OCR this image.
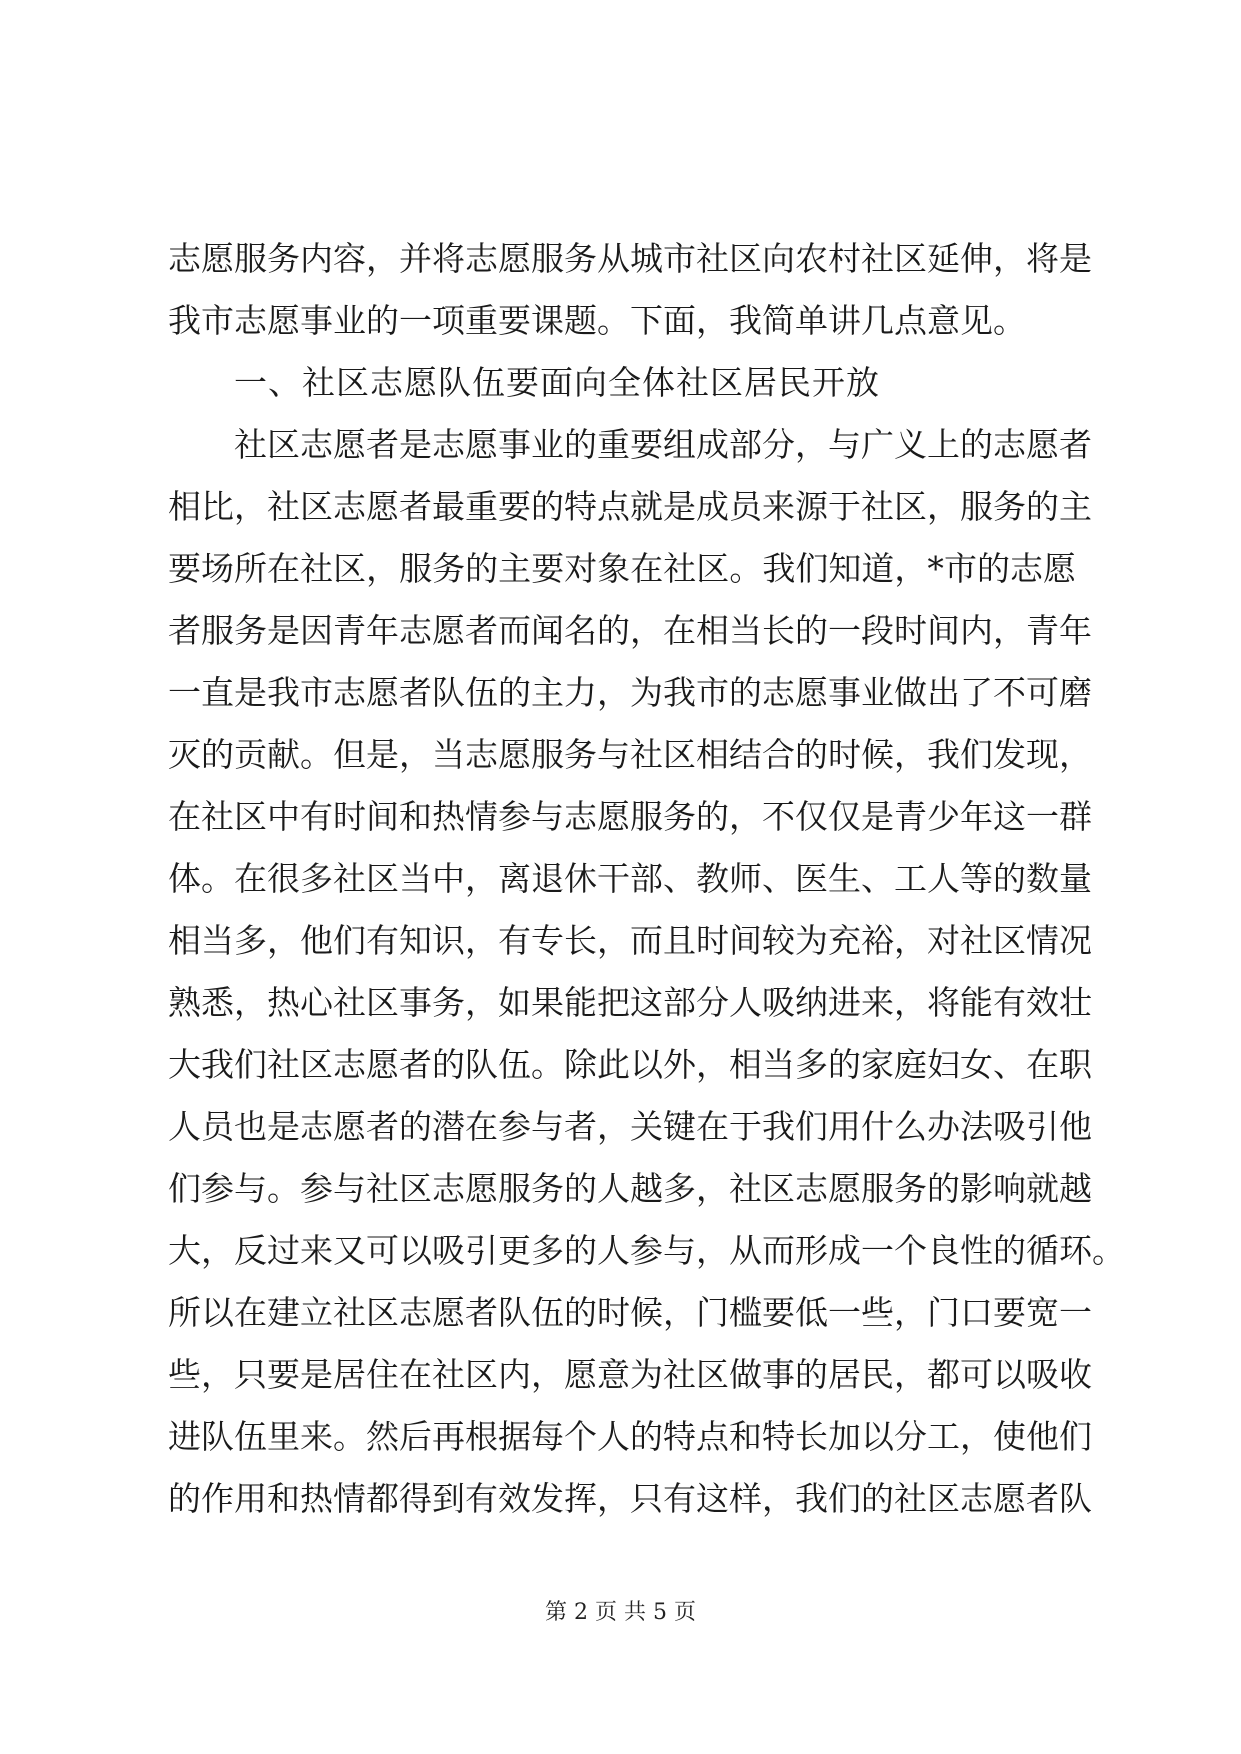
志愿服务内容，并将志愿服务从城市社区向农村社区延伸，将是
我市志愿事业的一项重要课题。下面，我简单讲几点意见。
一、社区志愿队伍要面向全体社区居民开放
社区志愿者是志愿事业的重要组成部分，与广义上的志愿者
相比，社区志愿者最重要的特点就是成员来源于社区，服务的主
要场所在社区，服务的主要对象在社区。我们知道，*市的志愿
者服务是因青年志愿者而闻名的，在相当长的一段时间内，青年
一直是我市志愿者队伍的主力，为我市的志愿事业做出了不可磨
灭的贡献。但是，当志愿服务与社区相结合的时候，我们发现，
在社区中有时间和热情参与志愿服务的，不仅仅是青少年这一群
体。在很多社区当中，离退休干部、教师、医生、工人等的数量
相当多，他们有知识，有专长，而且时间较为充裕，对社区情况
熟悉，热心社区事务，如果能把这部分人吸纳进来，将能有效壮
大我们社区志愿者的队伍。除此以外，相当多的家庭妇女、在职
人员也是志愿者的潜在参与者，关键在于我们用什么办法吸引他
们参与。参与社区志愿服务的人越多，社区志愿服务的影响就越
大，反过来又可以吸引更多的人参与，从而形成一个良性的循环。
所以在建立社区志愿者队伍的时候，门槛要低一些，门口要宽一
些，只要是居住在社区内，愿意为社区做事的居民，都可以吸收
进队伍里来。然后再根据每个人的特点和特长加以分工，使他们
的作用和热情都得到有效发挥，只有这样，我们的社区志愿者队
第 2 页 共 5 页
